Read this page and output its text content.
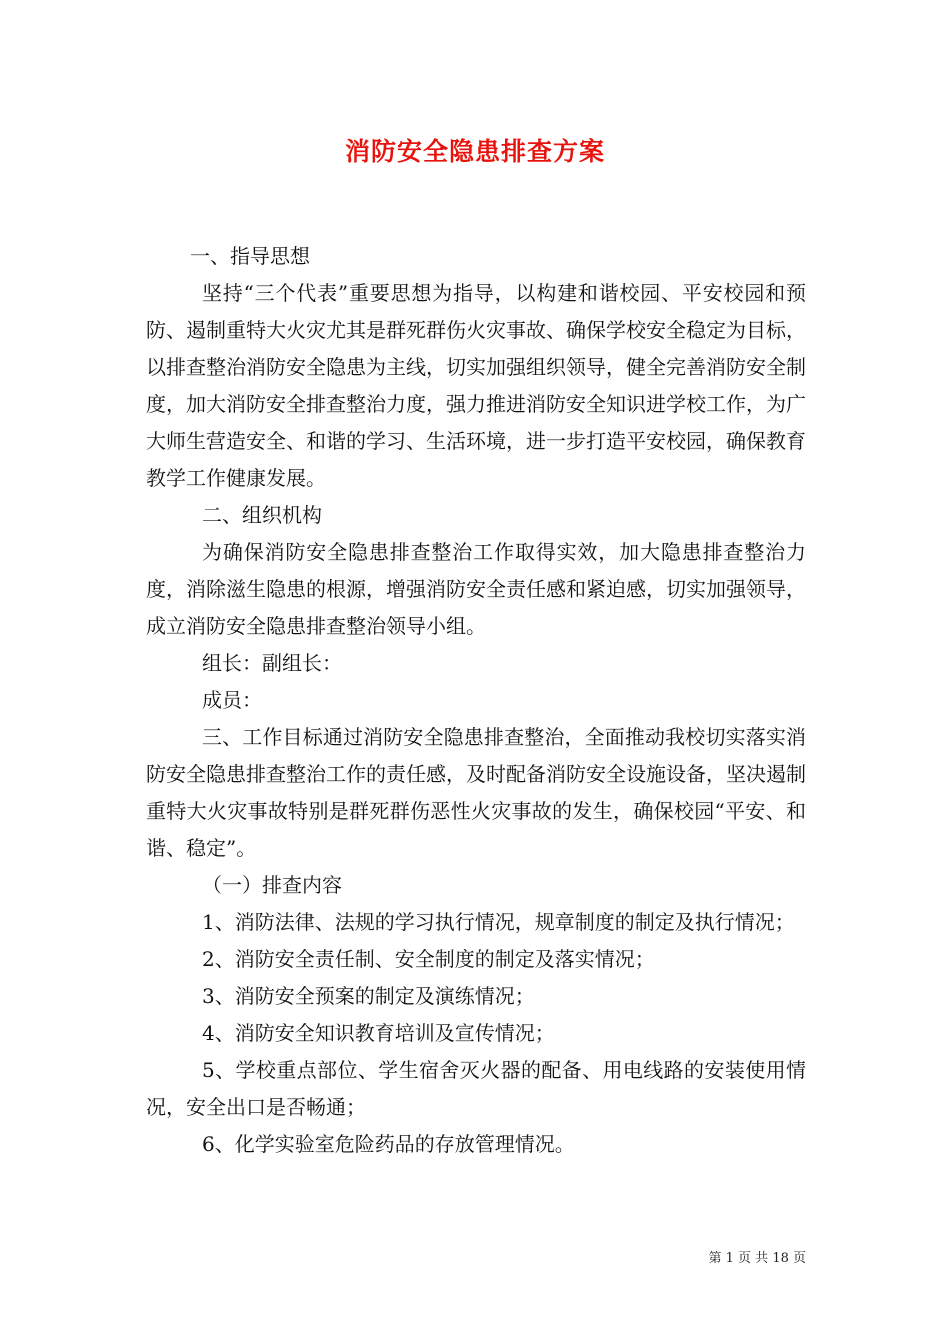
消防安全隐患排查方案

一、指导思想

坚持“三个代表”重要思想为指导，以构建和谐校园、平安校园和预防、遏制重特大火灾尤其是群死群伤火灾事故、确保学校安全稳定为目标，以排查整治消防安全隐患为主线，切实加强组织领导，健全完善消防安全制度，加大消防安全排查整治力度，强力推进消防安全知识进学校工作，为广大师生营造安全、和谐的学习、生活环境，进一步打造平安校园，确保教育教学工作健康发展。

二、组织机构

为确保消防安全隐患排查整治工作取得实效，加大隐患排查整治力度，消除滋生隐患的根源，增强消防安全责任感和紧迫感，切实加强领导，成立消防安全隐患排查整治领导小组。

组长：副组长：

成员：

三、工作目标通过消防安全隐患排查整治，全面推动我校切实落实消防安全隐患排查整治工作的责任感，及时配备消防安全设施设备，坚决遏制重特大火灾事故特别是群死群伤恶性火灾事故的发生，确保校园“平安、和谐、稳定”。

（一）排查内容

1、消防法律、法规的学习执行情况，规章制度的制定及执行情况；

2、消防安全责任制、安全制度的制定及落实情况；

3、消防安全预案的制定及演练情况；

4、消防安全知识教育培训及宣传情况；

5、学校重点部位、学生宿舍灭火器的配备、用电线路的安装使用情况，安全出口是否畅通；

6、化学实验室危险药品的存放管理情况。

第 1 页 共 18 页
